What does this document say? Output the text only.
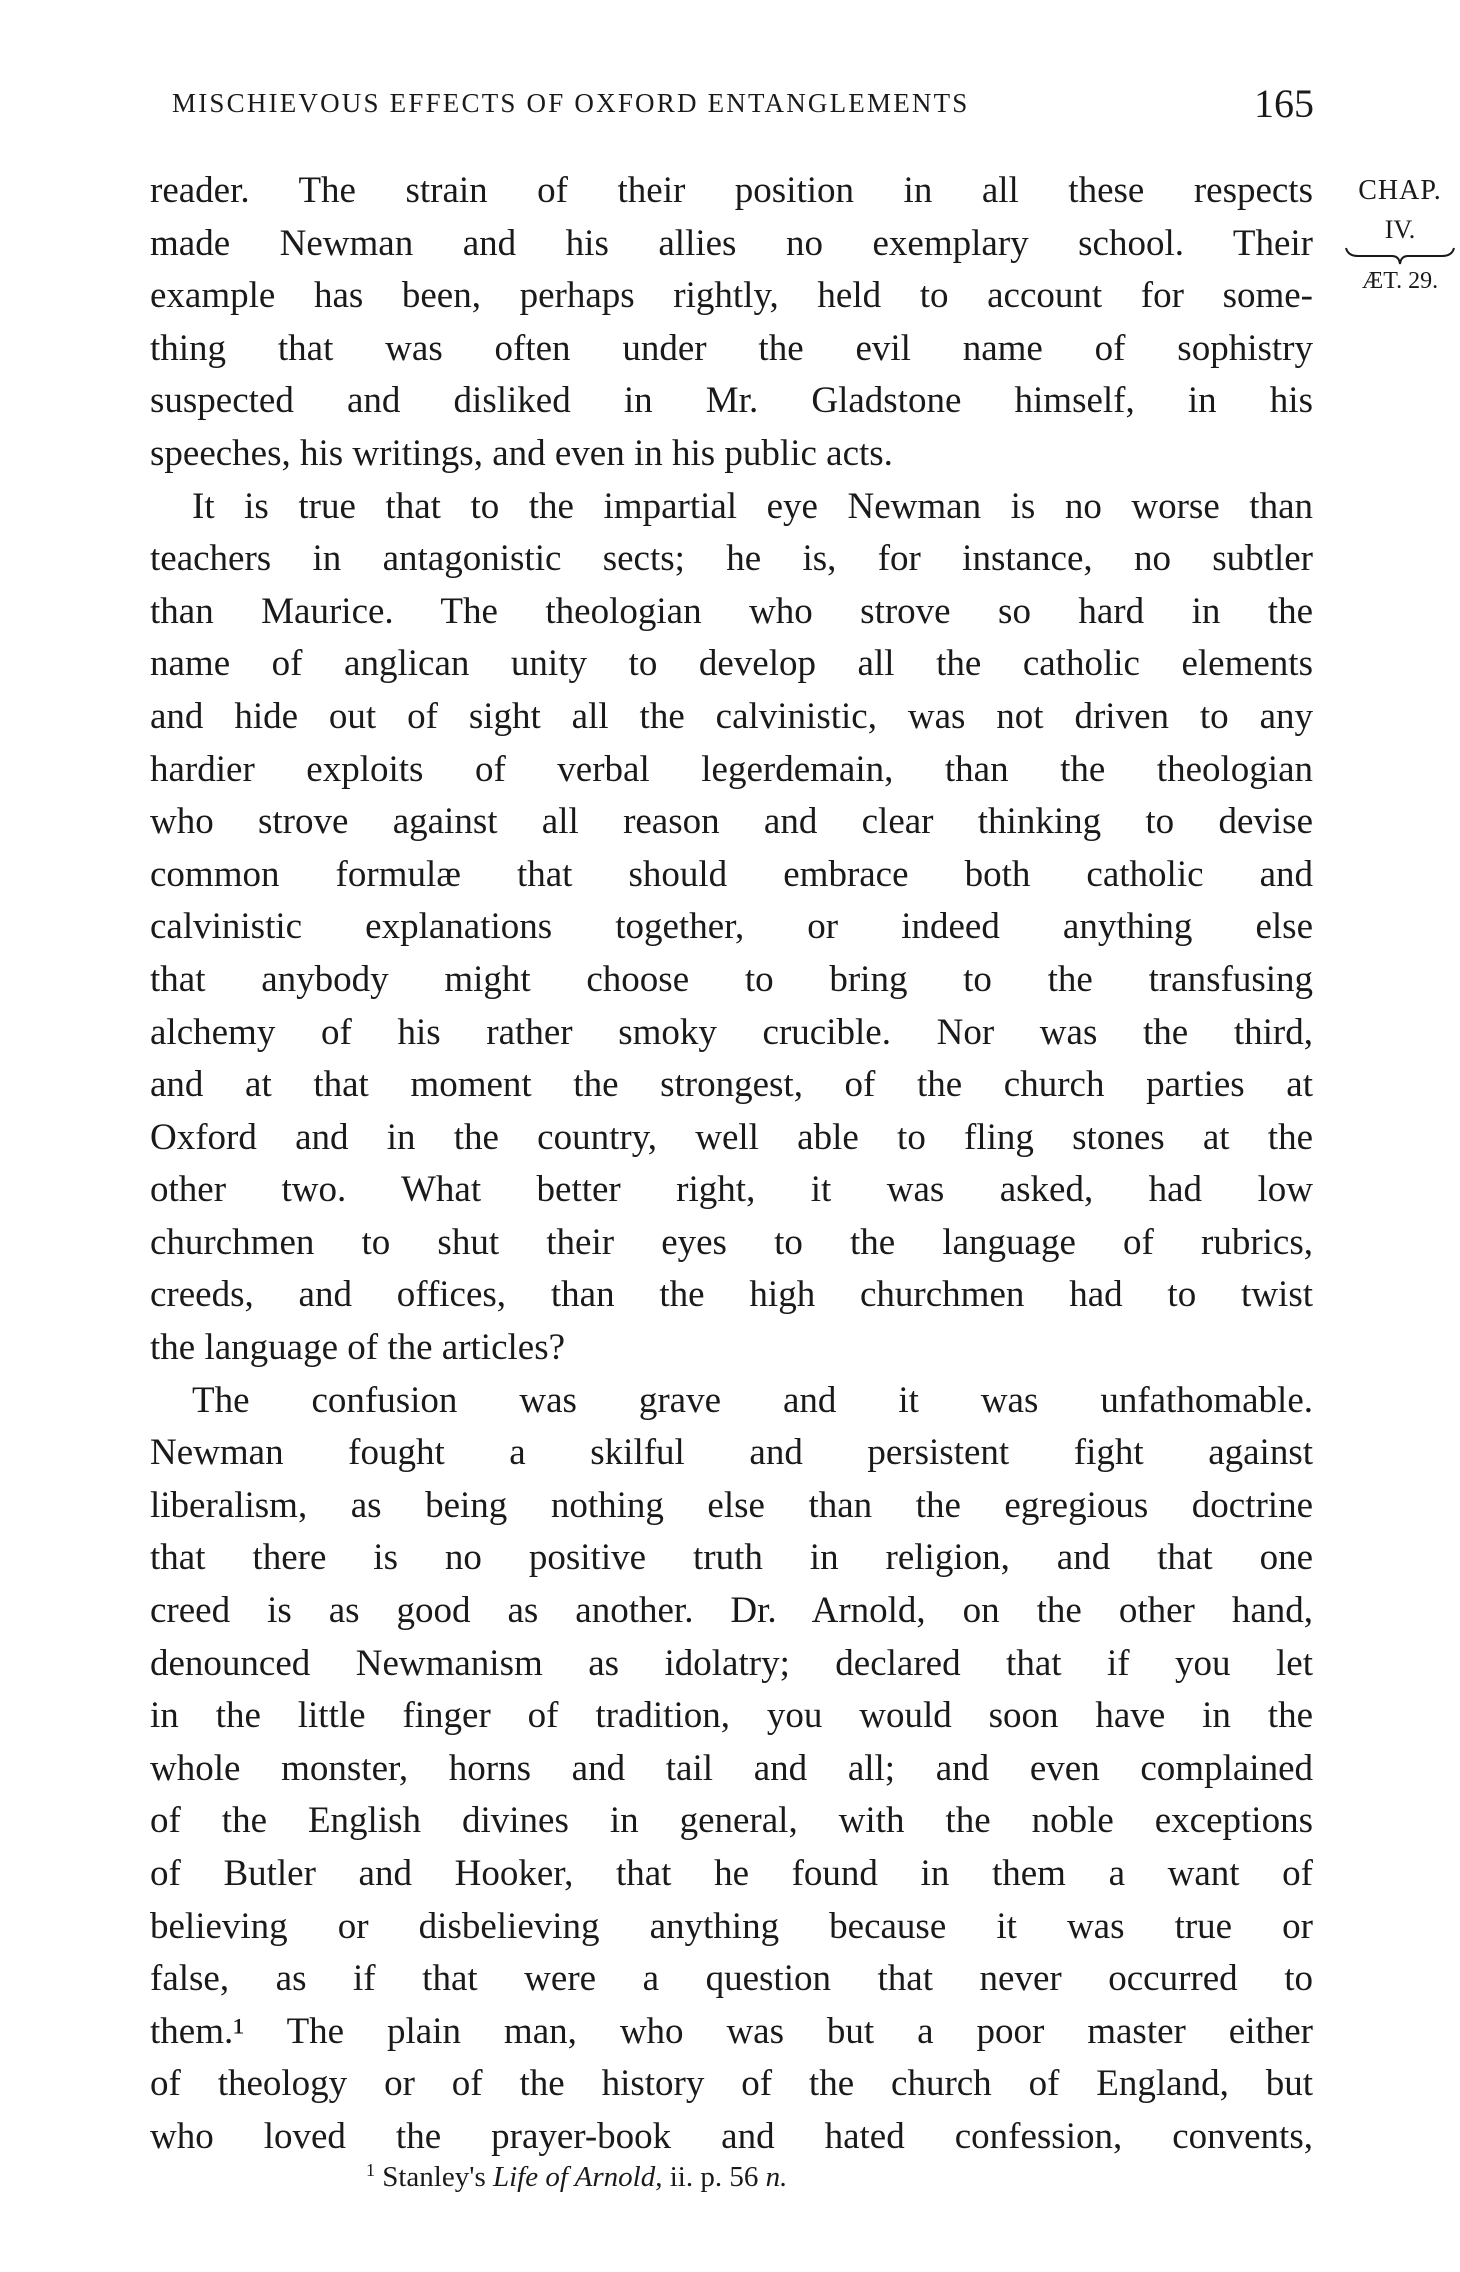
MISCHIEVOUS EFFECTS OF OXFORD ENTANGLEMENTS	165
reader. The strain of their position in all these respects
made Newman and his allies no exemplary school. Their
example has been, perhaps rightly, held to account for some-
thing that was often under the evil name of sophistry
suspected and disliked in Mr. Gladstone himself, in his
speeches, his writings, and even in his public acts.
It is true that to the impartial eye Newman is no worse than
teachers in antagonistic sects; he is, for instance, no subtler
than Maurice. The theologian who strove so hard in the
name of anglican unity to develop all the catholic elements
and hide out of sight all the calvinistic, was not driven to any
hardier exploits of verbal legerdemain, than the theologian
who strove against all reason and clear thinking to devise
common formulæ that should embrace both catholic and
calvinistic explanations together, or indeed anything else
that anybody might choose to bring to the transfusing
alchemy of his rather smoky crucible. Nor was the third,
and at that moment the strongest, of the church parties at
Oxford and in the country, well able to fling stones at the
other two. What better right, it was asked, had low
churchmen to shut their eyes to the language of rubrics,
creeds, and offices, than the high churchmen had to twist
the language of the articles?
The confusion was grave and it was unfathomable.
Newman fought a skilful and persistent fight against
liberalism, as being nothing else than the egregious doctrine
that there is no positive truth in religion, and that one
creed is as good as another. Dr. Arnold, on the other hand,
denounced Newmanism as idolatry; declared that if you let
in the little finger of tradition, you would soon have in the
whole monster, horns and tail and all; and even complained
of the English divines in general, with the noble exceptions
of Butler and Hooker, that he found in them a want of
believing or disbelieving anything because it was true or
false, as if that were a question that never occurred to
them.¹ The plain man, who was but a poor master either
of theology or of the history of the church of England, but
who loved the prayer-book and hated confession, convents,
CHAP.
IV.
ÆT. 29.
$^1$ Stanley's Life of Arnold, ii. p. 56 n.
